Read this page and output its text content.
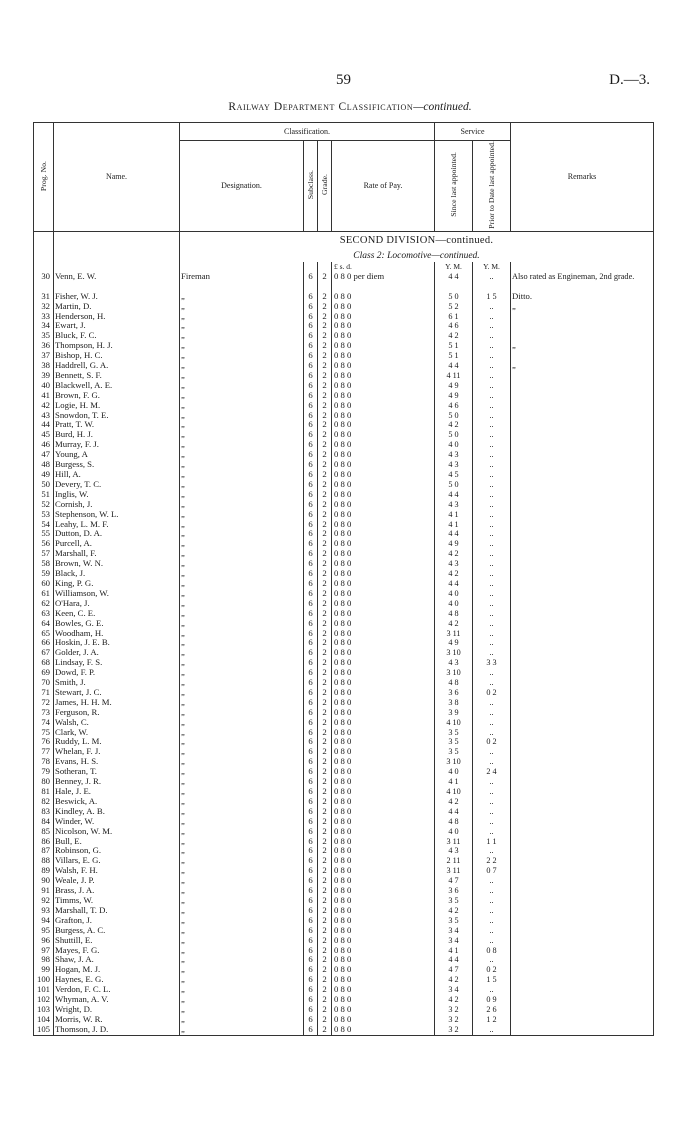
59	D.—3.
Railway Department Classification—continued.
Prog. No.	Name.	Classification.				Service		Remarks
		Designation.	Subclass.	Grade.	Rate of Pay.	Since last appointed.	Prior to Date last appointed.	
		SECOND DIVISION—continued.						
		Class 2: Locomotive—continued.						
					£ s. d.	Y. M.	Y. M.	
30	Venn, E. W.	Fireman	6	2	0 8 0 per diem	4 4	..	Also rated as Engineman, 2nd grade.
31	Fisher, W. J.	„	6	2	0 8 0	5 0	1 5	Ditto.
32	Martin, D.	„	6	2	0 8 0	5 2	..	„
33	Henderson, H.	„	6	2	0 8 0	6 1	..	
34	Ewart, J.	„	6	2	0 8 0	4 6	..	
35	Bluck, F. C.	„	6	2	0 8 0	4 2	..	
36	Thompson, H. J.	„	6	2	0 8 0	5 1	..	„
37	Bishop, H. C.	„	6	2	0 8 0	5 1	..	
38	Haddrell, G. A.	„	6	2	0 8 0	4 4	..	„
39	Bennett, S. F.	„	6	2	0 8 0	4 11	..	
40	Blackwell, A. E.	„	6	2	0 8 0	4 9	..	
41	Brown, F. G.	„	6	2	0 8 0	4 9	..	
42	Logie, H. M.	„	6	2	0 8 0	4 6	..	
43	Snowdon, T. E.	„	6	2	0 8 0	5 0	..	
44	Pratt, T. W.	„	6	2	0 8 0	4 2	..	
45	Burd, H. J.	„	6	2	0 8 0	5 0	..	
46	Murray, F. J.	„	6	2	0 8 0	4 0	..	
47	Young, A	„	6	2	0 8 0	4 3	..	
48	Burgess, S.	„	6	2	0 8 0	4 3	..	
49	Hill, A.	„	6	2	0 8 0	4 5	..	
50	Devery, T. C.	„	6	2	0 8 0	5 0	..	
51	Inglis, W.	„	6	2	0 8 0	4 4	..	
52	Cornish, J.	„	6	2	0 8 0	4 3	..	
53	Stephenson, W. L.	„	6	2	0 8 0	4 1	..	
54	Leahy, L. M. F.	„	6	2	0 8 0	4 1	..	
55	Dutton, D. A.	„	6	2	0 8 0	4 4	..	
56	Purcell, A.	„	6	2	0 8 0	4 9	..	
57	Marshall, F.	„	6	2	0 8 0	4 2	..	
58	Brown, W. N.	„	6	2	0 8 0	4 3	..	
59	Black, J.	„	6	2	0 8 0	4 2	..	
60	King, P. G.	„	6	2	0 8 0	4 4	..	
61	Williamson, W.	„	6	2	0 8 0	4 0	..	
62	O'Hara, J.	„	6	2	0 8 0	4 0	..	
63	Keen, C. E.	„	6	2	0 8 0	4 8	..	
64	Bowles, G. E.	„	6	2	0 8 0	4 2	..	
65	Woodham, H.	„	6	2	0 8 0	3 11	..	
66	Hoskin, J. E. B.	„	6	2	0 8 0	4 9	..	
67	Golder, J. A.	„	6	2	0 8 0	3 10	..	
68	Lindsay, F. S.	„	6	2	0 8 0	4 3	3 3	
69	Dowd, F. P.	„	6	2	0 8 0	3 10	..	
70	Smith, J.	„	6	2	0 8 0	4 8	..	
71	Stewart, J. C.	„	6	2	0 8 0	3 6	0 2	
72	James, H. H. M.	„	6	2	0 8 0	3 8	..	
73	Ferguson, R.	„	6	2	0 8 0	3 9	..	
74	Walsh, C.	„	6	2	0 8 0	4 10	..	
75	Clark, W.	„	6	2	0 8 0	3 5	..	
76	Ruddy, L. M.	„	6	2	0 8 0	3 5	0 2	
77	Whelan, F. J.	„	6	2	0 8 0	3 5	..	
78	Evans, H. S.	„	6	2	0 8 0	3 10	..	
79	Sotheran, T.	„	6	2	0 8 0	4 0	2 4	
80	Benney, J. R.	„	6	2	0 8 0	4 1	..	
81	Hale, J. E.	„	6	2	0 8 0	4 10	..	
82	Beswick, A.	„	6	2	0 8 0	4 2	..	
83	Kindley, A. B.	„	6	2	0 8 0	4 4	..	
84	Winder, W.	„	6	2	0 8 0	4 8	..	
85	Nicolson, W. M.	„	6	2	0 8 0	4 0	..	
86	Bull, E.	„	6	2	0 8 0	3 11	1 1	
87	Robinson, G.	„	6	2	0 8 0	4 3	..	
88	Villars, E. G.	„	6	2	0 8 0	2 11	2 2	
89	Walsh, F. H.	„	6	2	0 8 0	3 11	0 7	
90	Weale, J. P.	„	6	2	0 8 0	4 7	..	
91	Brass, J. A.	„	6	2	0 8 0	3 6	..	
92	Timms, W.	„	6	2	0 8 0	3 5	..	
93	Marshall, T. D.	„	6	2	0 8 0	4 2	..	
94	Grafton, J.	„	6	2	0 8 0	3 5	..	
95	Burgess, A. C.	„	6	2	0 8 0	3 4	..	
96	Shuttill, E.	„	6	2	0 8 0	3 4	..	
97	Mayes, F. G.	„	6	2	0 8 0	4 1	0 8	
98	Shaw, J. A.	„	6	2	0 8 0	4 4	..	
99	Hogan, M. J.	„	6	2	0 8 0	4 7	0 2	
100	Haynes, E. G.	„	6	2	0 8 0	4 2	1 5	
101	Verdon, F. C. L.	„	6	2	0 8 0	3 4	..	
102	Whyman, A. V.	„	6	2	0 8 0	4 2	0 9	
103	Wright, D.	„	6	2	0 8 0	3 2	2 6	
104	Morris, W. R.	„	6	2	0 8 0	3 2	1 2	
105	Thomson, J. D.	„	6	2	0 8 0	3 2	..	
